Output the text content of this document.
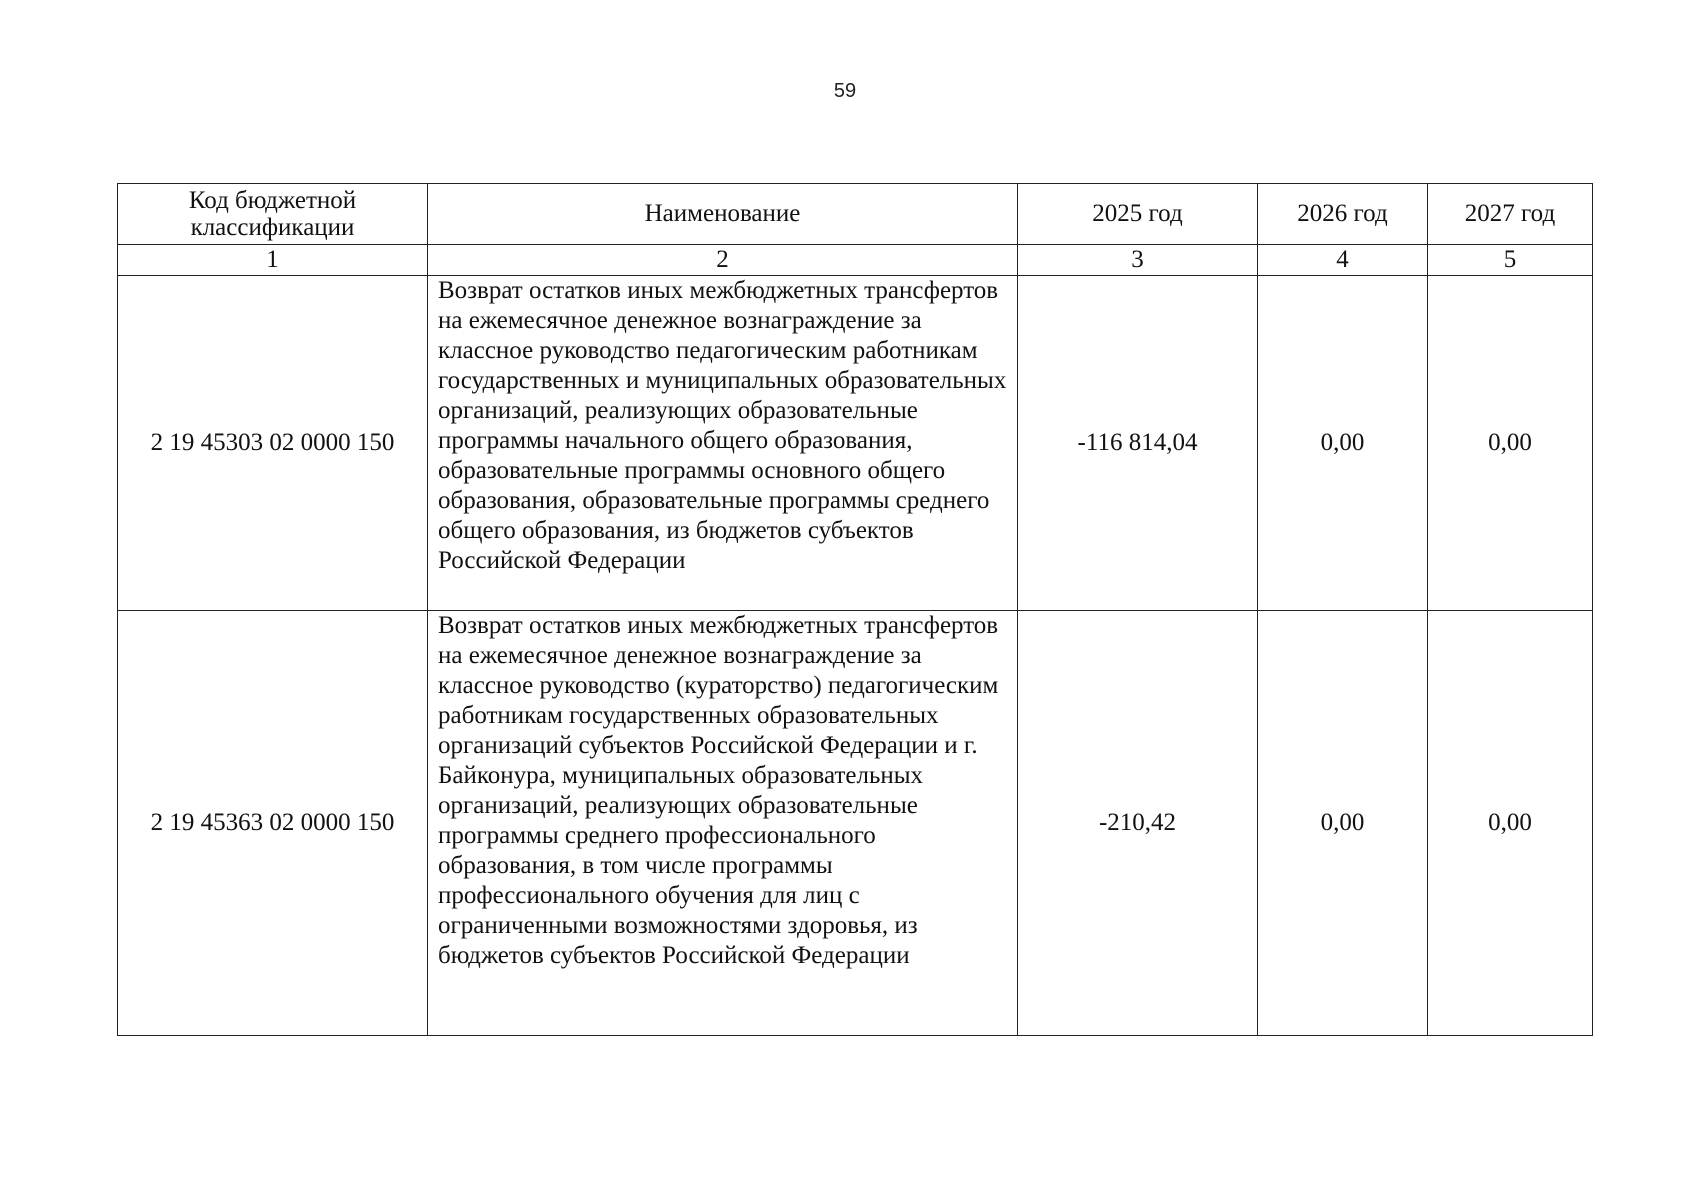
59
Код бюджетной классификации	Наименование	2025 год	2026 год	2027 год
1	2	3	4	5
2 19 45303 02 0000 150	Возврат остатков иных межбюджетных трансфертов на ежемесячное денежное вознаграждение за классное руководство педагогическим работникам государственных и муниципальных образовательных организаций, реализующих образовательные программы начального общего образования, образовательные программы основного общего образования, образовательные программы среднего общего образования, из бюджетов субъектов Российской Федерации	-116 814,04	0,00	0,00
2 19 45363 02 0000 150	Возврат остатков иных межбюджетных трансфертов на ежемесячное денежное вознаграждение за классное руководство (кураторство) педагогическим работникам государственных образовательных организаций субъектов Российской Федерации и г. Байконура, муниципальных образовательных организаций, реализующих образовательные программы среднего профессионального образования, в том числе программы профессионального обучения для лиц с ограниченными возможностями здоровья, из бюджетов субъектов Российской Федерации	-210,42	0,00	0,00
